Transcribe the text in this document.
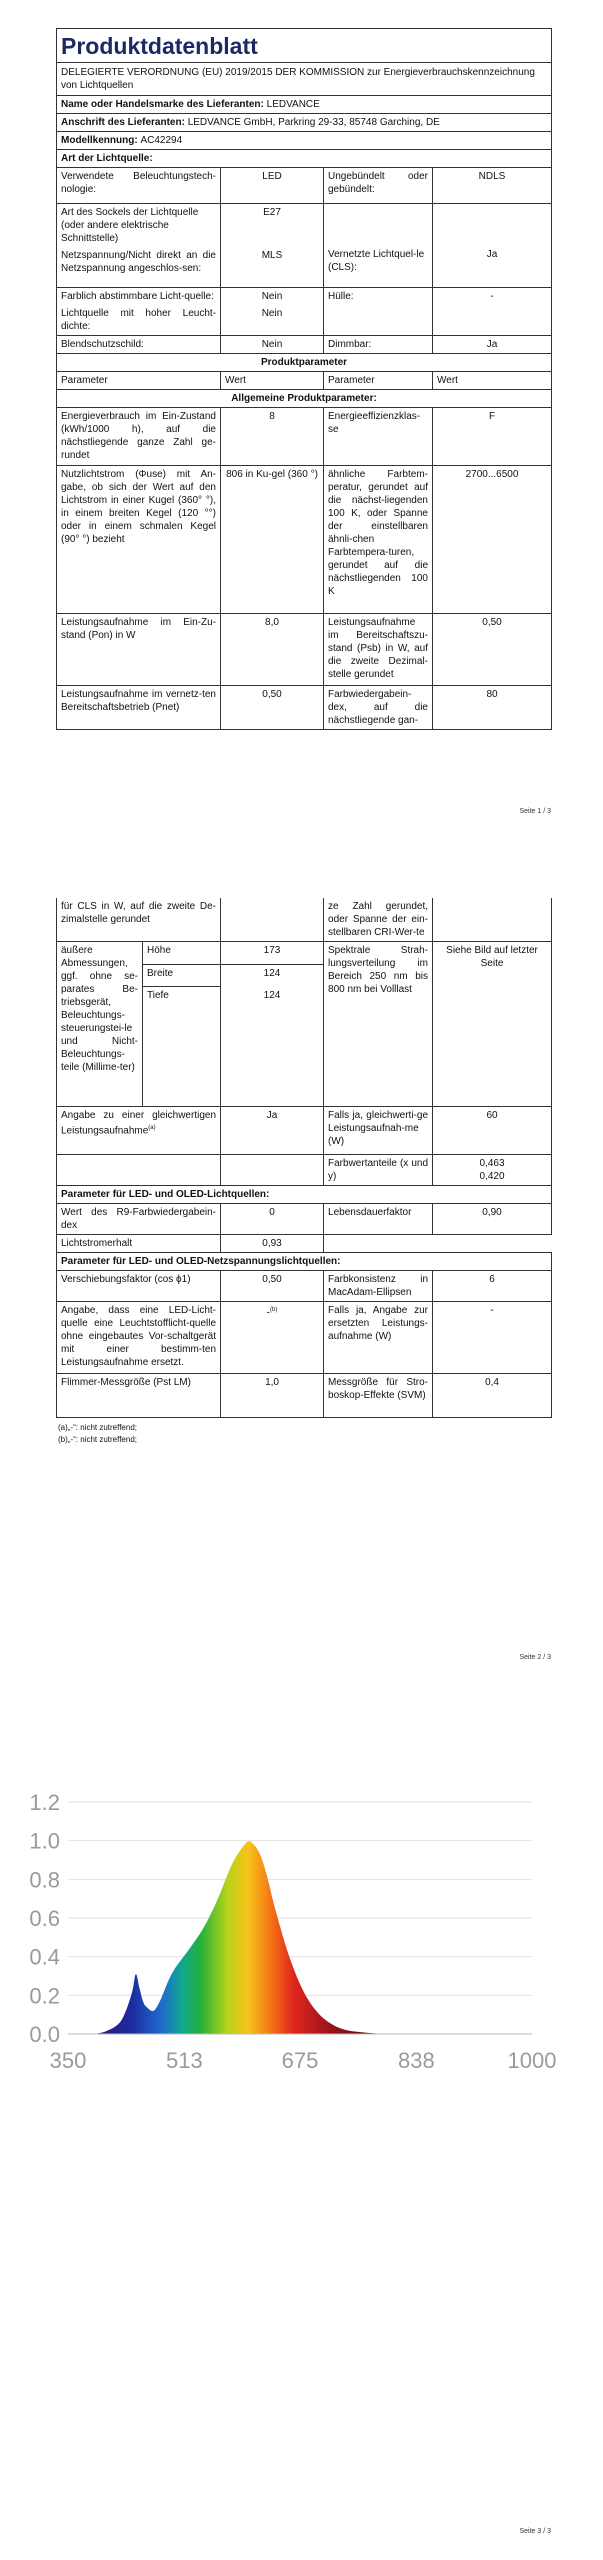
Produktdatenblatt			
DELEGIERTE VERORDNUNG (EU) 2019/2015 DER KOMMISSION zur Energieverbrauchskennzeichnung von Lichtquellen			
Name oder Handelsmarke des Lieferanten: LEDVANCE			
Anschrift des Lieferanten: LEDVANCE GmbH, Parkring 29-33, 85748 Garching, DE			
Modellkennung: AC42294			
Art der Lichtquelle:			
Verwendete Beleuchtungstech-nologie:	LED	Ungebündelt oder gebündelt:	NDLS
Art des Sockels der Lichtquelle (oder andere elektrische Schnittstelle)	E27	Vernetzte Lichtquel-le (CLS):	Ja
Netzspannung/Nicht direkt an die Netzspannung angeschlos-sen:	MLS		
Farblich abstimmbare Licht-quelle:	Nein	Hülle:	-
Lichtquelle mit hoher Leucht-dichte:	Nein		
Blendschutzschild:	Nein	Dimmbar:	Ja
Produktparameter			
Parameter	Wert	Parameter	Wert
Allgemeine Produktparameter:			
Energieverbrauch im Ein-Zustand (kWh/1000 h), auf die nächstliegende ganze Zahl ge-rundet	8	Energieeffizienzklas-se	F
Nutzlichtstrom (Φuse) mit An-gabe, ob sich der Wert auf den Lichtstrom in einer Kugel (360° °), in einem breiten Kegel (120 °°) oder in einem schmalen Kegel (90° °) bezieht	806 in Ku-gel (360 °)	ähnliche Farbtem-peratur, gerundet auf die nächst-liegenden 100 K, oder Spanne der einstellbaren ähnli-chen Farbtempera-turen, gerundet auf die nächstliegenden 100 K	2700...6500
Leistungsaufnahme im Ein-Zu-stand (Pon) in W	8,0	Leistungsaufnahme im Bereitschaftszu-stand (Psb) in W, auf die zweite Dezimal-stelle gerundet	0,50
Leistungsaufnahme im vernetz-ten Bereitschaftsbetrieb (Pnet)	0,50	Farbwiedergabein-dex, auf die nächstliegende gan-	80
Seite 1 / 3
für CLS in W, auf die zweite De-zimalstelle gerundet			ze Zahl gerundet, oder Spanne der ein-stellbaren CRI-Wer-te	
äußere Abmessungen, ggf. ohne se-parates Be-triebsgerät, Beleuchtungs-steuerungstei-le und Nicht-Beleuchtungs-teile (Millime-ter)	Höhe	173	Spektrale Strah-lungsverteilung im Bereich 250 nm bis 800 nm bei Volllast	Siehe Bild auf letzter Seite
	Breite	124		
	Tiefe	124		
Angabe zu einer gleichwertigen Leistungsaufnahme$^{(a)}$		Ja	Falls ja, gleichwerti-ge Leistungsaufnah-me (W)	60
			Farbwertanteile (x und y)	0,463
0,420

Parameter für LED- und OLED-Lichtquellen:				
Wert des R9-Farbwiedergabein-dex		0	Lebensdauerfaktor	0,90
Lichtstromerhalt		0,93		
Parameter für LED- und OLED-Netzspannungslichtquellen:				
Verschiebungsfaktor (cos ϕ1)		0,50	Farbkonsistenz in MacAdam-Ellipsen	6
Angabe, dass eine LED-Licht-quelle eine Leuchtstofflicht-quelle ohne eingebautes Vor-schaltgerät mit einer bestimm-ten Leistungsaufnahme ersetzt.		-$^{(b)}$	Falls ja, Angabe zur ersetzten Leistungs-aufnahme (W)	-
Flimmer-Messgröße (Pst LM)		1,0	Messgröße für Stro-boskop-Effekte (SVM)	0,4
(a)„-“: nicht zutreffend;
(b)„-“: nicht zutreffend;
Seite 2 / 3
0.0
0.2
0.4
0.6
0.8
1.0
1.2
350	513	675	838	1000
Seite 3 / 3
